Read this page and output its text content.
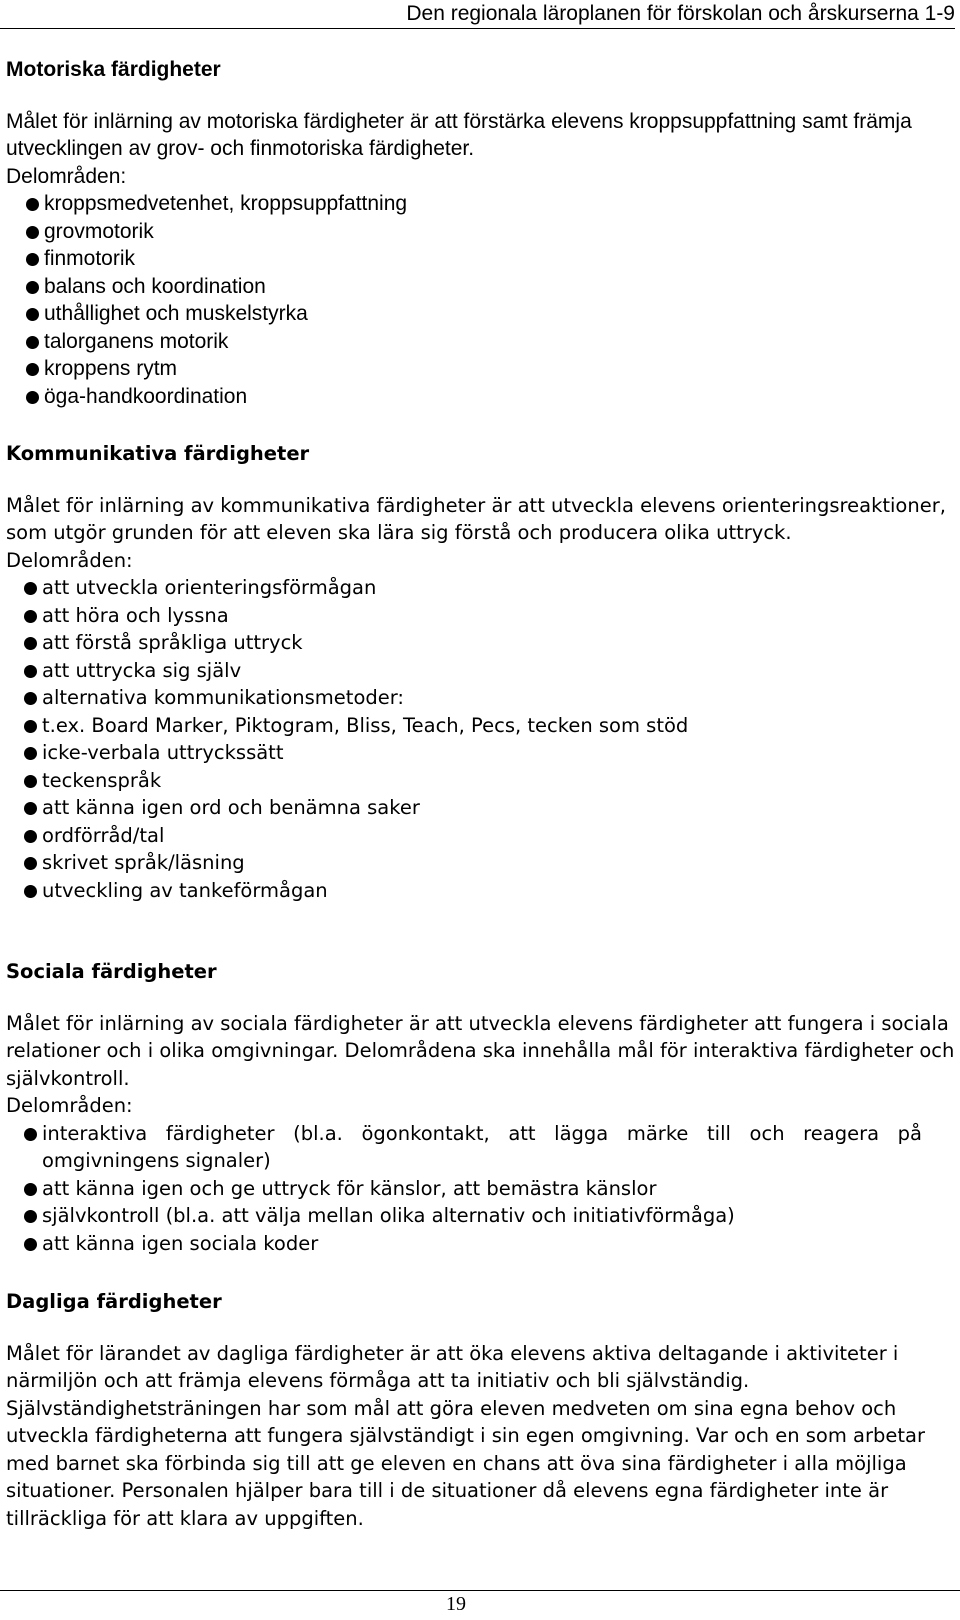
Den regionala läroplanen för förskolan och årskurserna 1-9

Motoriska färdigheter

Målet för inlärning av motoriska färdigheter är att förstärka elevens kroppsuppfattning samt främja utvecklingen av grov- och finmotoriska färdigheter.

Delområden:

kroppsmedvetenhet, kroppsuppfattning
grovmotorik
finmotorik
balans och koordination
uthållighet och muskelstyrka
talorganens motorik
kroppens rytm
öga-handkoordination

Kommunikativa färdigheter

Målet för inlärning av kommunikativa färdigheter är att utveckla elevens orienteringsreaktioner, som utgör grunden för att eleven ska lära sig förstå och producera olika uttryck.

Delområden:

att utveckla orienteringsförmågan
att höra och lyssna
att förstå språkliga uttryck
att uttrycka sig själv
alternativa kommunikationsmetoder:
t.ex. Board Marker, Piktogram, Bliss, Teach, Pecs, tecken som stöd
icke-verbala uttryckssätt
teckenspråk
att känna igen ord och benämna saker
ordförråd/tal
skrivet språk/läsning
utveckling av tankeförmågan

Sociala färdigheter

Målet för inlärning av sociala färdigheter är att utveckla elevens färdigheter att fungera i sociala relationer och i olika omgivningar. Delområdena ska innehålla mål för interaktiva färdigheter och självkontroll.

Delområden:

interaktiva färdigheter (bl.a. ögonkontakt, att lägga märke till och reagera på
omgivningens signaler)
att känna igen och ge uttryck för känslor, att bemästra känslor
självkontroll (bl.a. att välja mellan olika alternativ och initiativförmåga)
att känna igen sociala koder

Dagliga färdigheter

Målet för lärandet av dagliga färdigheter är att öka elevens aktiva deltagande i aktiviteter i närmiljön och att främja elevens förmåga att ta initiativ och bli självständig.

Självständighetsträningen har som mål att göra eleven medveten om sina egna behov och utveckla färdigheterna att fungera självständigt i sin egen omgivning. Var och en som arbetar med barnet ska förbinda sig till att ge eleven en chans att öva sina färdigheter i alla möjliga situationer. Personalen hjälper bara till i de situationer då elevens egna färdigheter inte är tillräckliga för att klara av uppgiften.

19
